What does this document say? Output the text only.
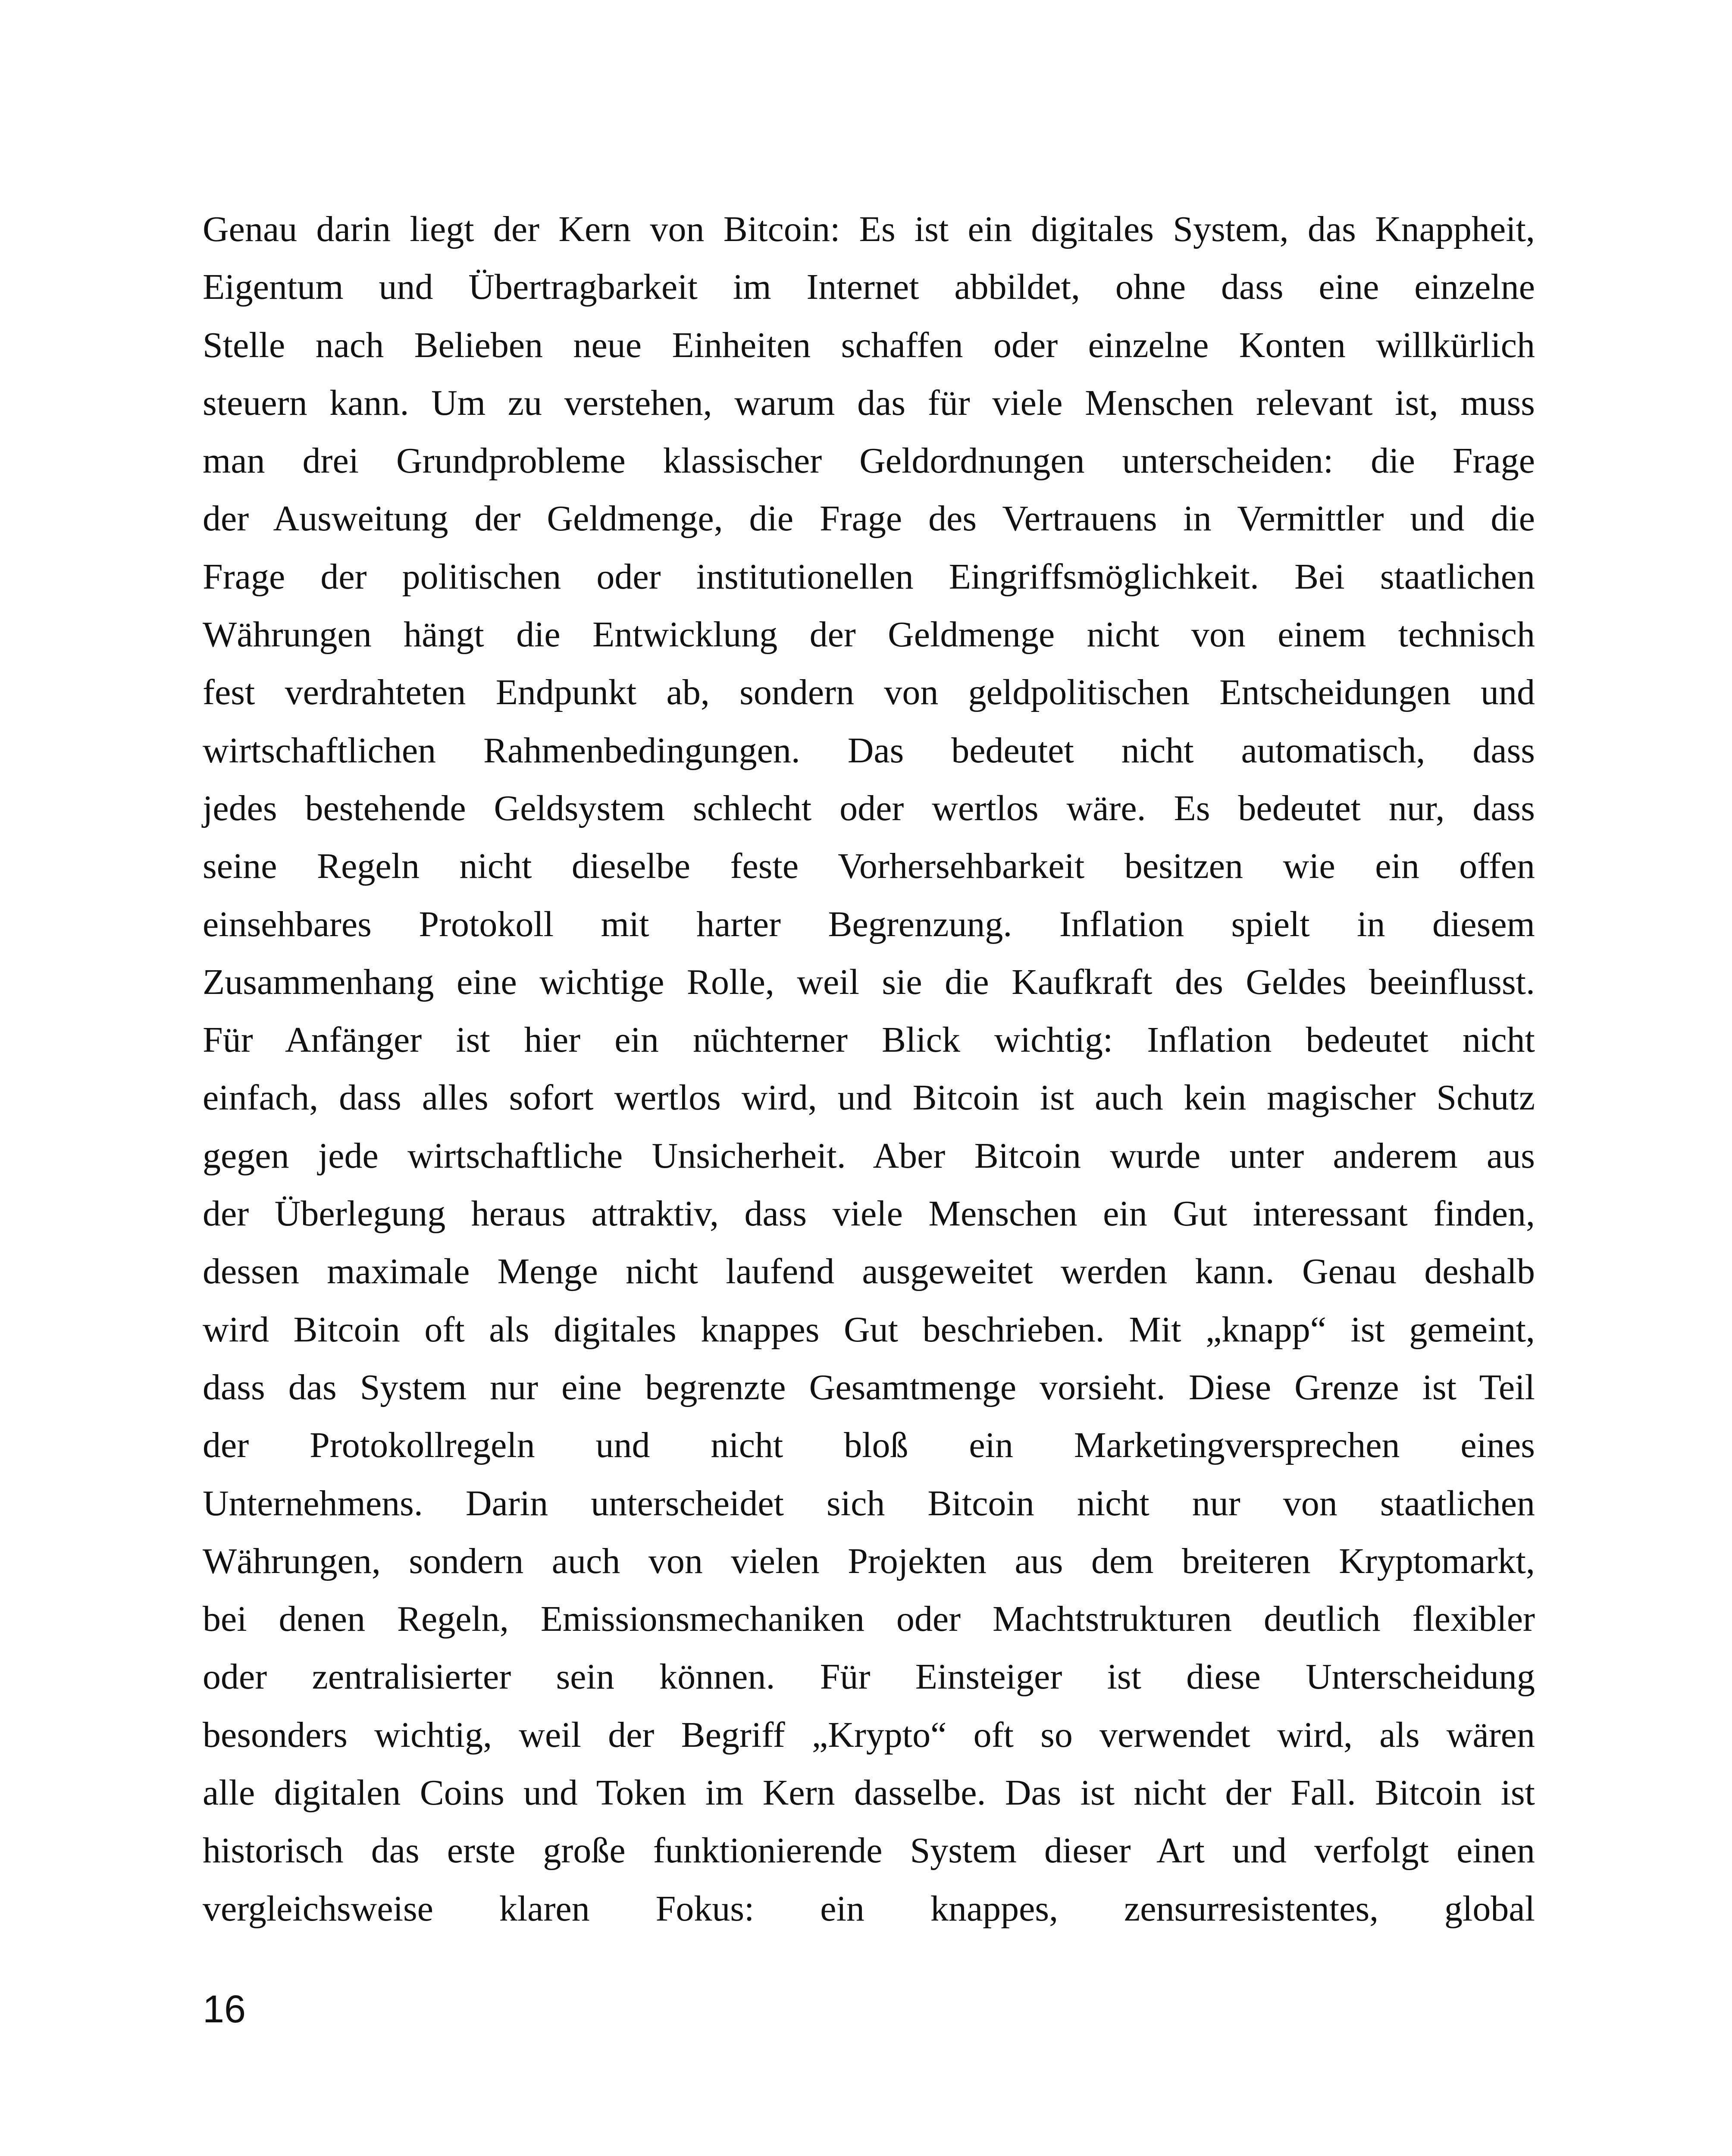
Genau darin liegt der Kern von Bitcoin: Es ist ein digitales System, das Knappheit,
Eigentum und Übertragbarkeit im Internet abbildet, ohne dass eine einzelne
Stelle nach Belieben neue Einheiten schaffen oder einzelne Konten willkürlich
steuern kann. Um zu verstehen, warum das für viele Menschen relevant ist, muss
man drei Grundprobleme klassischer Geldordnungen unterscheiden: die Frage
der Ausweitung der Geldmenge, die Frage des Vertrauens in Vermittler und die
Frage der politischen oder institutionellen Eingriffsmöglichkeit. Bei staatlichen
Währungen hängt die Entwicklung der Geldmenge nicht von einem technisch
fest verdrahteten Endpunkt ab, sondern von geldpolitischen Entscheidungen und
wirtschaftlichen Rahmenbedingungen. Das bedeutet nicht automatisch, dass
jedes bestehende Geldsystem schlecht oder wertlos wäre. Es bedeutet nur, dass
seine Regeln nicht dieselbe feste Vorhersehbarkeit besitzen wie ein offen
einsehbares Protokoll mit harter Begrenzung. Inflation spielt in diesem
Zusammenhang eine wichtige Rolle, weil sie die Kaufkraft des Geldes beeinflusst.
Für Anfänger ist hier ein nüchterner Blick wichtig: Inflation bedeutet nicht
einfach, dass alles sofort wertlos wird, und Bitcoin ist auch kein magischer Schutz
gegen jede wirtschaftliche Unsicherheit. Aber Bitcoin wurde unter anderem aus
der Überlegung heraus attraktiv, dass viele Menschen ein Gut interessant finden,
dessen maximale Menge nicht laufend ausgeweitet werden kann. Genau deshalb
wird Bitcoin oft als digitales knappes Gut beschrieben. Mit „knapp“ ist gemeint,
dass das System nur eine begrenzte Gesamtmenge vorsieht. Diese Grenze ist Teil
der Protokollregeln und nicht bloß ein Marketingversprechen eines
Unternehmens. Darin unterscheidet sich Bitcoin nicht nur von staatlichen
Währungen, sondern auch von vielen Projekten aus dem breiteren Kryptomarkt,
bei denen Regeln, Emissionsmechaniken oder Machtstrukturen deutlich flexibler
oder zentralisierter sein können. Für Einsteiger ist diese Unterscheidung
besonders wichtig, weil der Begriff „Krypto“ oft so verwendet wird, als wären
alle digitalen Coins und Token im Kern dasselbe. Das ist nicht der Fall. Bitcoin ist
historisch das erste große funktionierende System dieser Art und verfolgt einen
vergleichsweise klaren Fokus: ein knappes, zensurresistentes, global
16
